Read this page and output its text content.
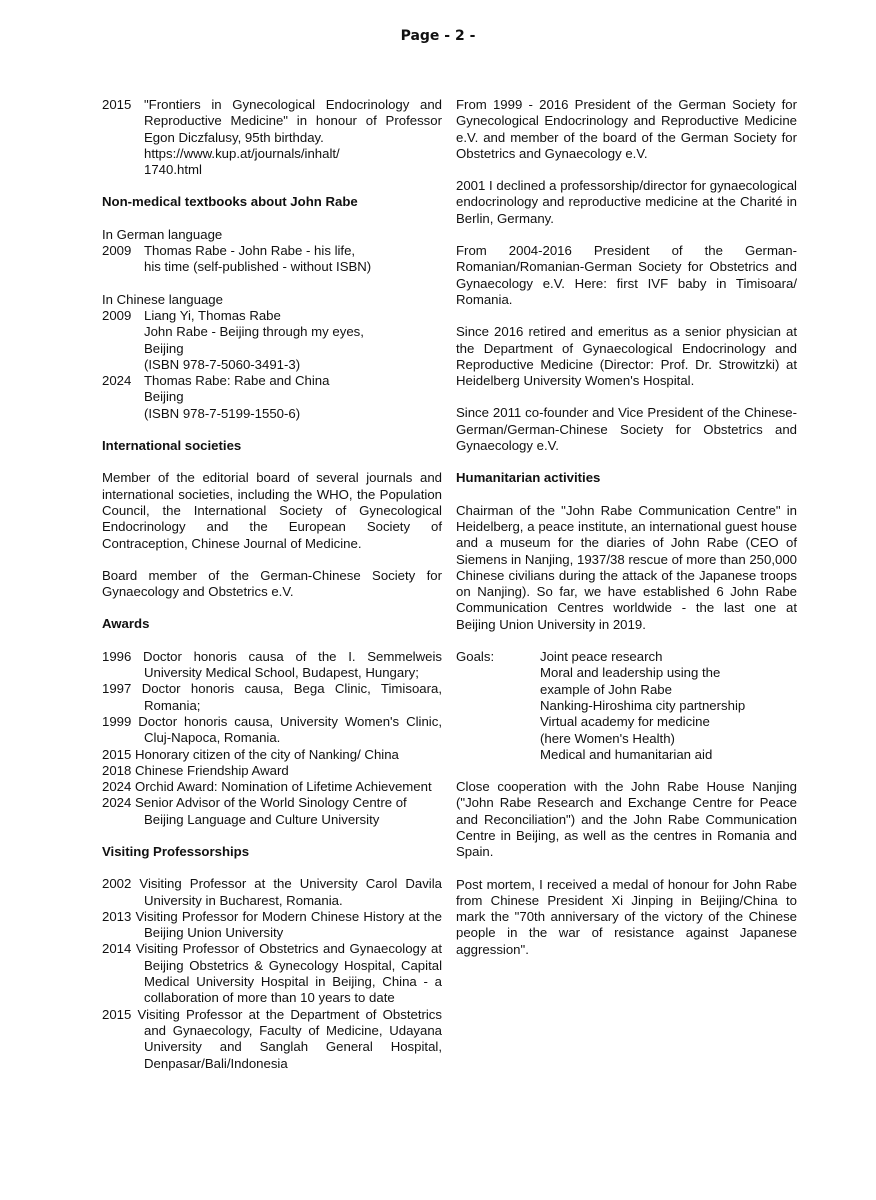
Page - 2 -
2015 "Frontiers in Gynecological Endocrinology and Reproductive Medicine" in honour of Professor Egon Diczfalusy, 95th birthday.

https://www.kup.at/journals/inhalt/

1740.html

Non-medical textbooks about John Rabe

In German language

2009 Thomas Rabe - John Rabe - his life,

his time (self-published - without ISBN)

In Chinese language

2009 Liang Yi, Thomas Rabe

John Rabe - Beijing through my eyes,

Beijing

(ISBN 978-7-5060-3491-3)

2024 Thomas Rabe: Rabe and China

Beijing

(ISBN 978-7-5199-1550-6)

International societies

Member of the editorial board of several journals and international societies, including the WHO, the Population Council, the International Society of Gynecological Endocrinology and the European Society of Contraception, Chinese Journal of Medicine.

Board member of the German-Chinese Society for Gynaecology and Obstetrics e.V.

Awards

1996 Doctor honoris causa of the I. Semmelweis University Medical School, Budapest, Hungary;

1997 Doctor honoris causa, Bega Clinic, Timisoara, Romania;

1999 Doctor honoris causa, University Women's Clinic, Cluj-Napoca, Romania.

2015 Honorary citizen of the city of Nanking/ China

2018 Chinese Friendship Award

2024 Orchid Award: Nomination of Lifetime Achievement

2024 Senior Advisor of the World Sinology Centre of Beijing Language and Culture University

Visiting Professorships

2002 Visiting Professor at the University Carol Davila University in Bucharest, Romania.

2013 Visiting Professor for Modern Chinese History at the Beijing Union University

2014 Visiting Professor of Obstetrics and Gynaecology at Beijing Obstetrics & Gynecology Hospital, Capital Medical University Hospital in Beijing, China - a collaboration of more than 10 years to date

2015 Visiting Professor at the Department of Obstetrics and Gynaecology, Faculty of Medicine, Udayana University and Sanglah General Hospital, Denpasar/Bali/Indonesia

From 1999 - 2016 President of the German Society for Gynecological Endocrinology and Reproductive Medicine e.V. and member of the board of the German Society for Obstetrics and Gynaecology e.V.

2001 I declined a professorship/director for gynaecological endocrinology and reproductive medicine at the Charité in Berlin, Germany.

From 2004-2016 President of the German-Romanian/Romanian-German Society for Obstetrics and Gynaecology e.V. Here: first IVF baby in Timisoara/ Romania.

Since 2016 retired and emeritus as a senior physician at the Department of Gynaecological Endocrinology and Reproductive Medicine (Director: Prof. Dr. Strowitzki) at Heidelberg University Women's Hospital.

Since 2011 co-founder and Vice President of the Chinese-German/German-Chinese Society for Obstetrics and Gynaecology e.V.

Humanitarian activities

Chairman of the "John Rabe Communication Centre" in Heidelberg, a peace institute, an international guest house and a museum for the diaries of John Rabe (CEO of Siemens in Nanjing, 1937/38 rescue of more than 250,000 Chinese civilians during the attack of the Japanese troops on Nanjing). So far, we have established 6 John Rabe Communication Centres worldwide - the last one at Beijing Union University in 2019.

Goals:	Joint peace research

Moral and leadership using the

example of John Rabe

Nanking-Hiroshima city partnership

Virtual academy for medicine

(here Women's Health)

Medical and humanitarian aid

Close cooperation with the John Rabe House Nanjing ("John Rabe Research and Exchange Centre for Peace and Reconciliation") and the John Rabe Communication Centre in Beijing, as well as the centres in Romania and Spain.

Post mortem, I received a medal of honour for John Rabe from Chinese President Xi Jinping in Beijing/China to mark the "70th anniversary of the victory of the Chinese people in the war of resistance against Japanese aggression".
